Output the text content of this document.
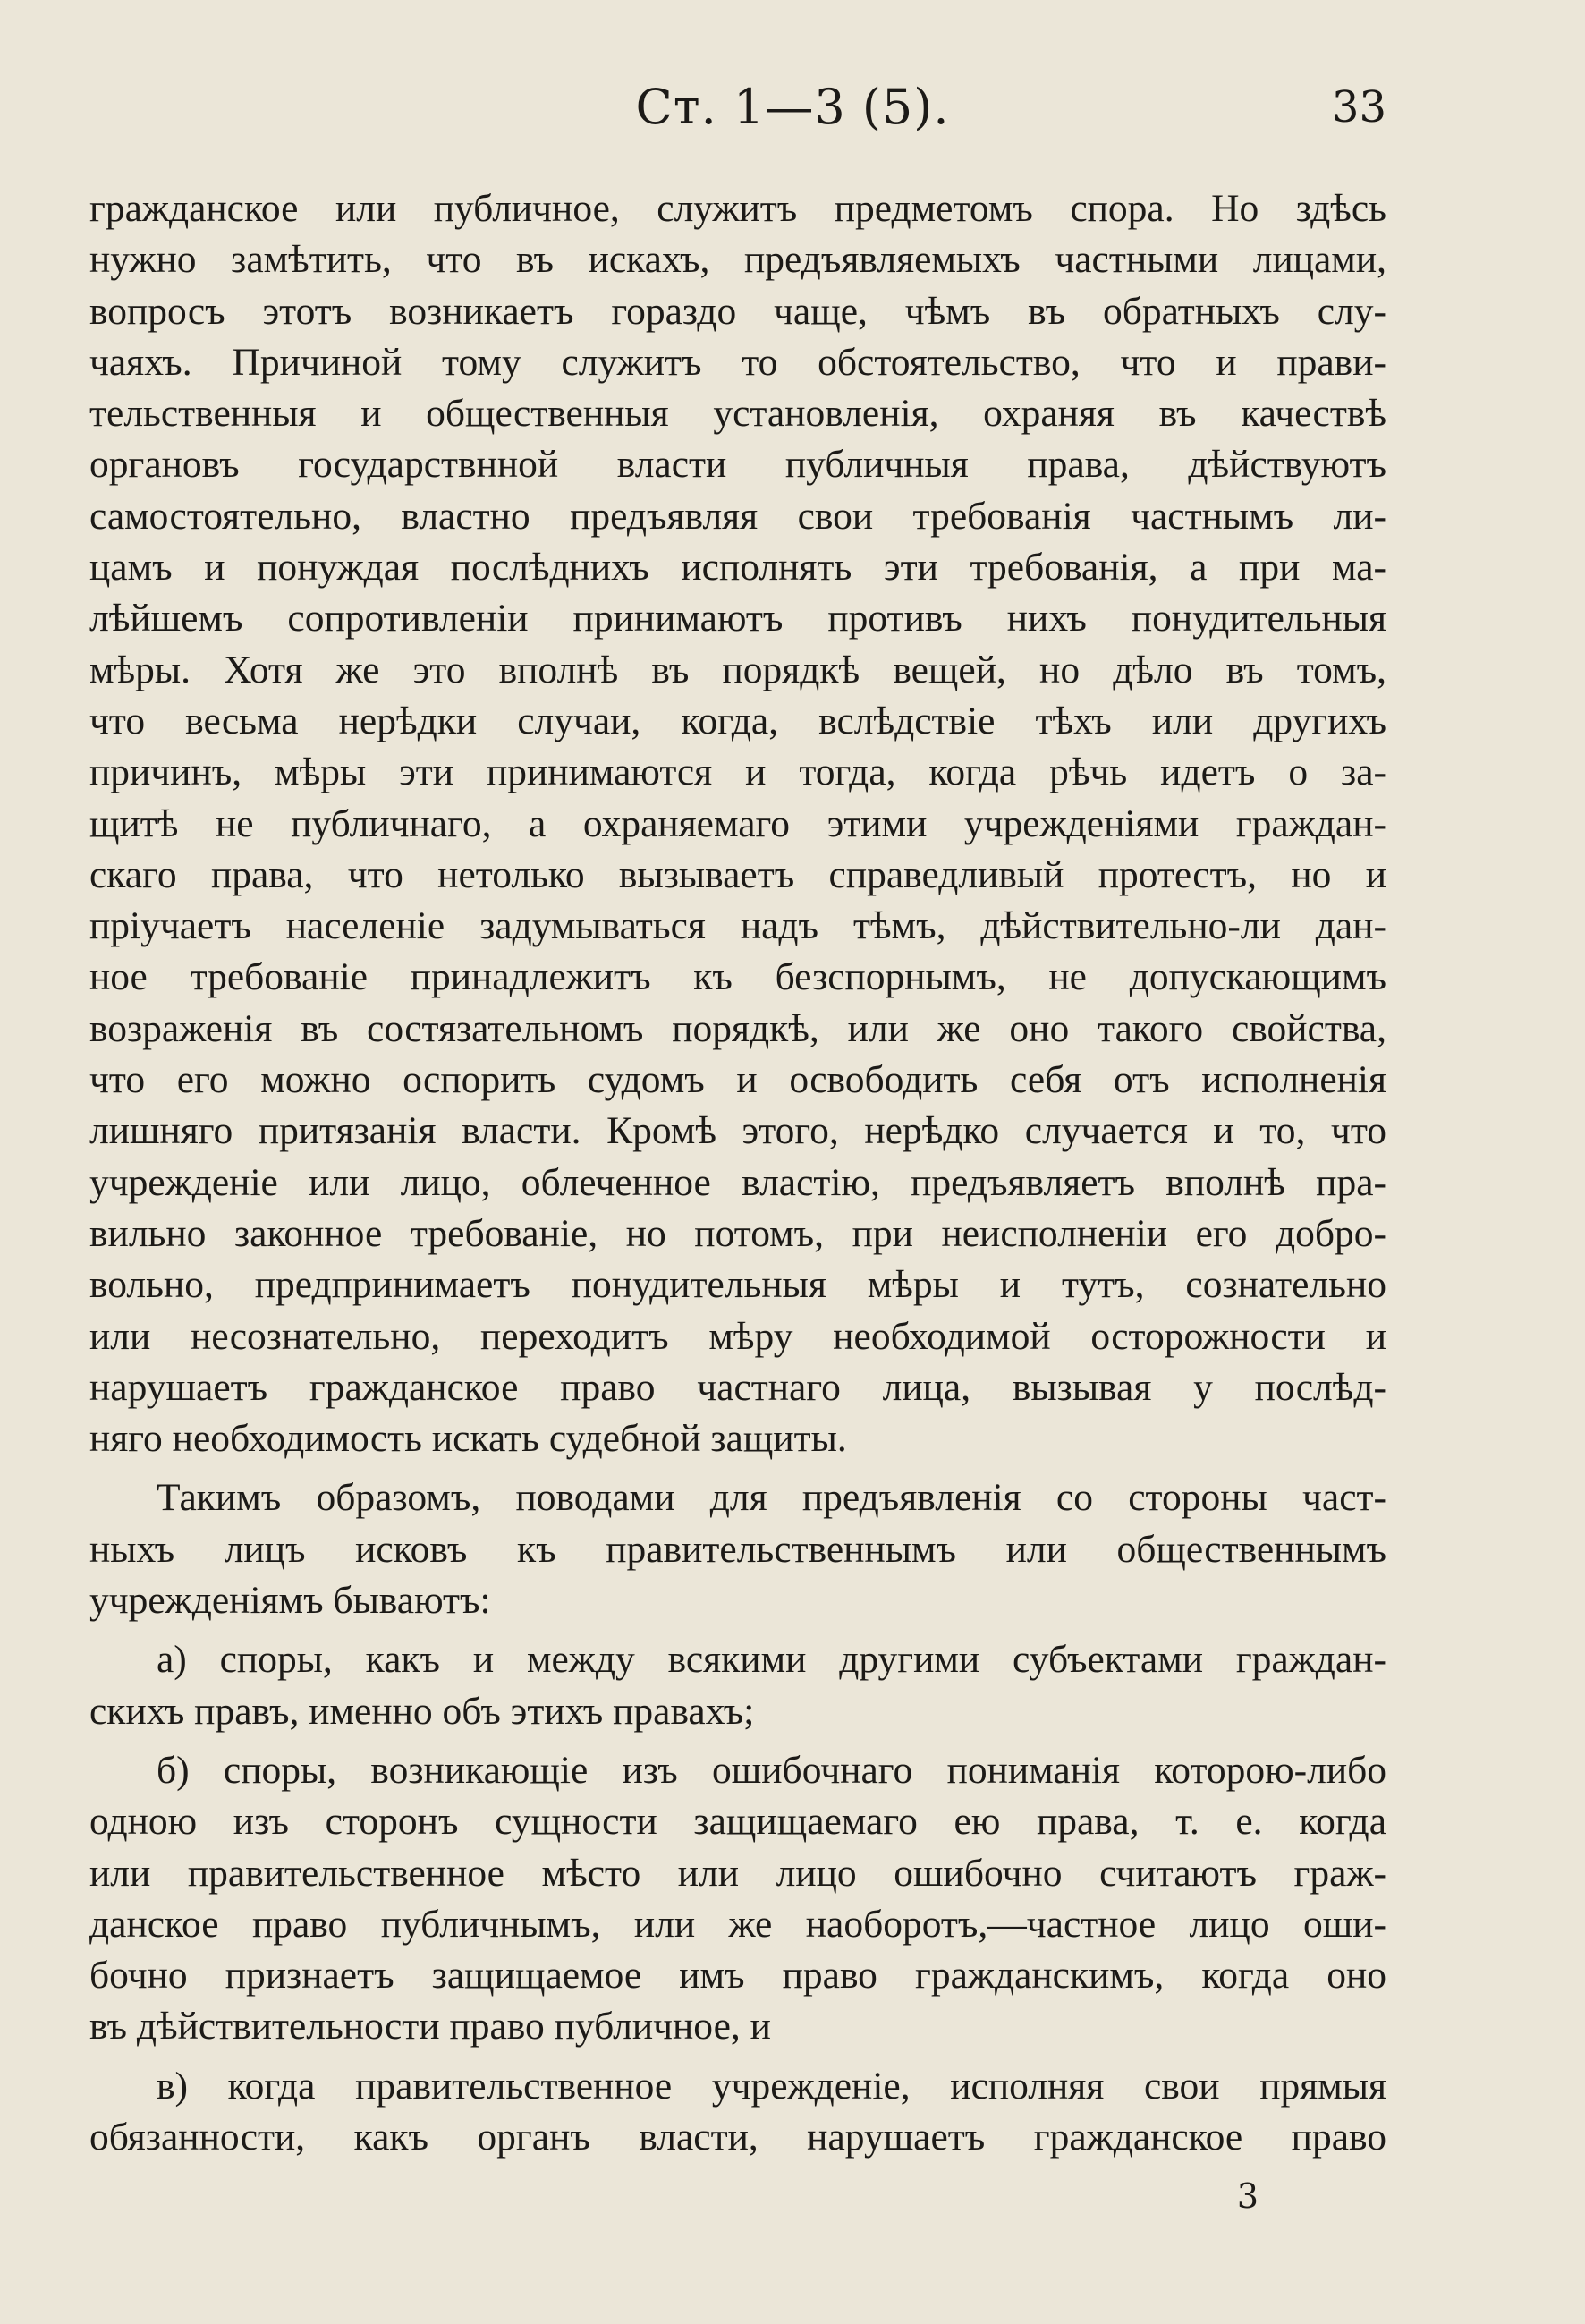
Ст. 1—3 (5).	33
гражданское или публичное, служитъ предметомъ спора. Но здѣсь
нужно замѣтить, что въ искахъ, предъявляемыхъ частными лицами,
вопросъ этотъ возникаетъ гораздо чаще, чѣмъ въ обратныхъ слу-
чаяхъ. Причиной тому служитъ то обстоятельство, что и прави-
тельственныя и общественныя установленія, охраняя въ качествѣ
органовъ государствнной власти публичныя права, дѣйствуютъ
самостоятельно, властно предъявляя свои требованія частнымъ ли-
цамъ и понуждая послѣднихъ исполнять эти требованія, а при ма-
лѣйшемъ сопротивленіи принимаютъ противъ нихъ понудительныя
мѣры. Хотя же это вполнѣ въ порядкѣ вещей, но дѣло въ томъ,
что весьма нерѣдки случаи, когда, вслѣдствіе тѣхъ или другихъ
причинъ, мѣры эти принимаются и тогда, когда рѣчь идетъ о за-
щитѣ не публичнаго, а охраняемаго этими учрежденіями граждан-
скаго права, что нетолько вызываетъ справедливый протестъ, но и
пріучаетъ населеніе задумываться надъ тѣмъ, дѣйствительно-ли дан-
ное требованіе принадлежитъ къ безспорнымъ, не допускающимъ
возраженія въ состязательномъ порядкѣ, или же оно такого свойства,
что его можно оспорить судомъ и освободить себя отъ исполненія
лишняго притязанія власти. Кромѣ этого, нерѣдко случается и то, что
учрежденіе или лицо, облеченное властію, предъявляетъ вполнѣ пра-
вильно законное требованіе, но потомъ, при неисполненіи его добро-
вольно, предпринимаетъ понудительныя мѣры и тутъ, сознательно
или несознательно, переходитъ мѣру необходимой осторожности и
нарушаетъ гражданское право частнаго лица, вызывая у послѣд-
няго необходимость искать судебной защиты.
Такимъ образомъ, поводами для предъявленія со стороны част-
ныхъ лицъ исковъ къ правительственнымъ или общественнымъ
учрежденіямъ бываютъ:
а) споры, какъ и между всякими другими субъектами граждан-
скихъ правъ, именно объ этихъ правахъ;
б) споры, возникающіе изъ ошибочнаго пониманія которою-либо
одною изъ сторонъ сущности защищаемаго ею права, т. е. когда
или правительственное мѣсто или лицо ошибочно считаютъ граж-
данское право публичнымъ, или же наоборотъ,—частное лицо оши-
бочно признаетъ защищаемое имъ право гражданскимъ, когда оно
въ дѣйствительности право публичное, и
в) когда правительственное учрежденіе, исполняя свои прямыя
обязанности, какъ органъ власти, нарушаетъ гражданское право
3
